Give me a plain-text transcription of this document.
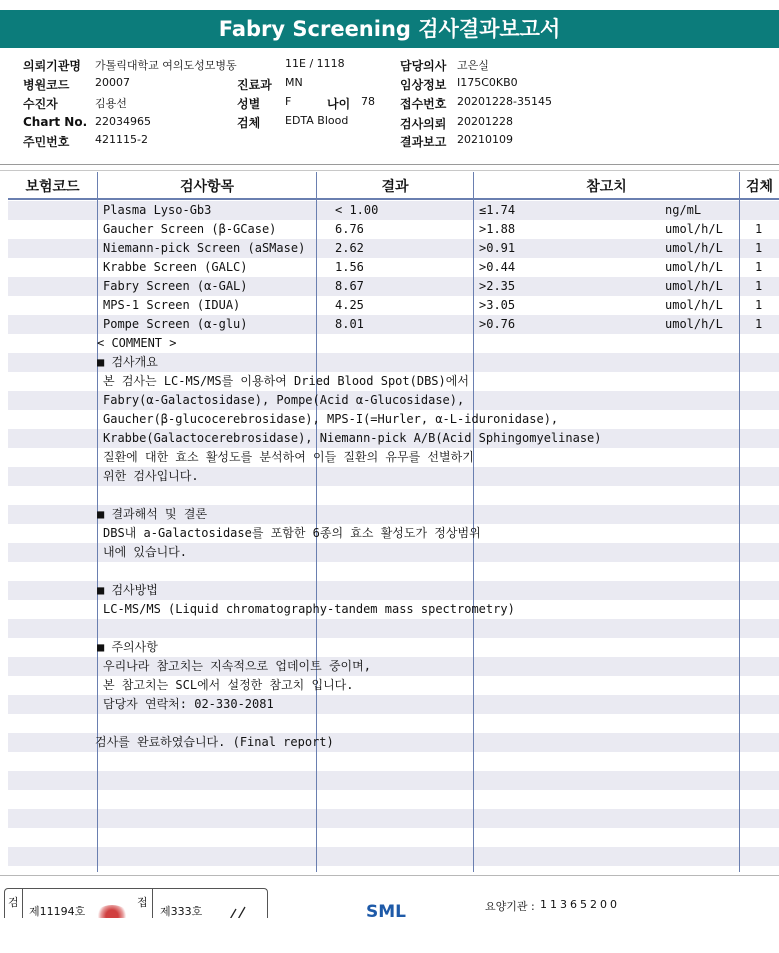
Fabry Screening 검사결과보고서
의뢰기관명 가톨릭대학교 여의도성모병동	11E / 1118	담당의사 고은실
병원코드 20007	진료과 MN	임상정보 I175C0KB0
수진자	김용선	성별 F	나이 78 접수번호 20201228-35145
Chart No. 22034965	검체 EDTA Blood	검사의뢰 20201228
주민번호 421115-2	결과보고 20210109
보험코드	검사항목	결과	참고치	검체
Plasma Lyso-Gb3	< 1.00	≤1.74	ng/mL
Gaucher Screen (β-GCase)	6.76	>1.88	umol/h/L	1
Niemann-pick Screen (aSMase) 2.62	>0.91	umol/h/L	1
Krabbe Screen (GALC)	1.56	>0.44	umol/h/L	1
Fabry Screen (α-GAL)	8.67	>2.35	umol/h/L	1
MPS-1 Screen (IDUA)	4.25	>3.05	umol/h/L	1
Pompe Screen (α-glu)	8.01	>0.76	umol/h/L	1
< COMMENT >
■ 검사개요
본 검사는 LC-MS/MS를 이용하여 Dried Blood Spot(DBS)에서
Fabry(α-Galactosidase), Pompe(Acid α-Glucosidase),
Gaucher(β-glucocerebrosidase), MPS-I(=Hurler, α-L-iduronidase),
Krabbe(Galactocerebrosidase), Niemann-pick A/B(Acid Sphingomyelinase)
질환에 대한 효소 활성도를 분석하여 이들 질환의 유무를 선별하기
위한 검사입니다.
■ 결과해석 및 결론
DBS내 a-Galactosidase를 포함한 6종의 효소 활성도가 정상범위
내에 있습니다.
■ 검사방법
LC-MS/MS (Liquid chromatography-tandem mass spectrometry)
■ 주의사항
우리나라 참고치는 지속적으로 업데이트 중이며,
본 참고치는 SCL에서 설정한 참고치 입니다.
담당자 연락처: 02-330-2081
검사를 완료하였습니다. (Final report)
검
제11194호
접
제333호	SML	요양기관 : 11365200
